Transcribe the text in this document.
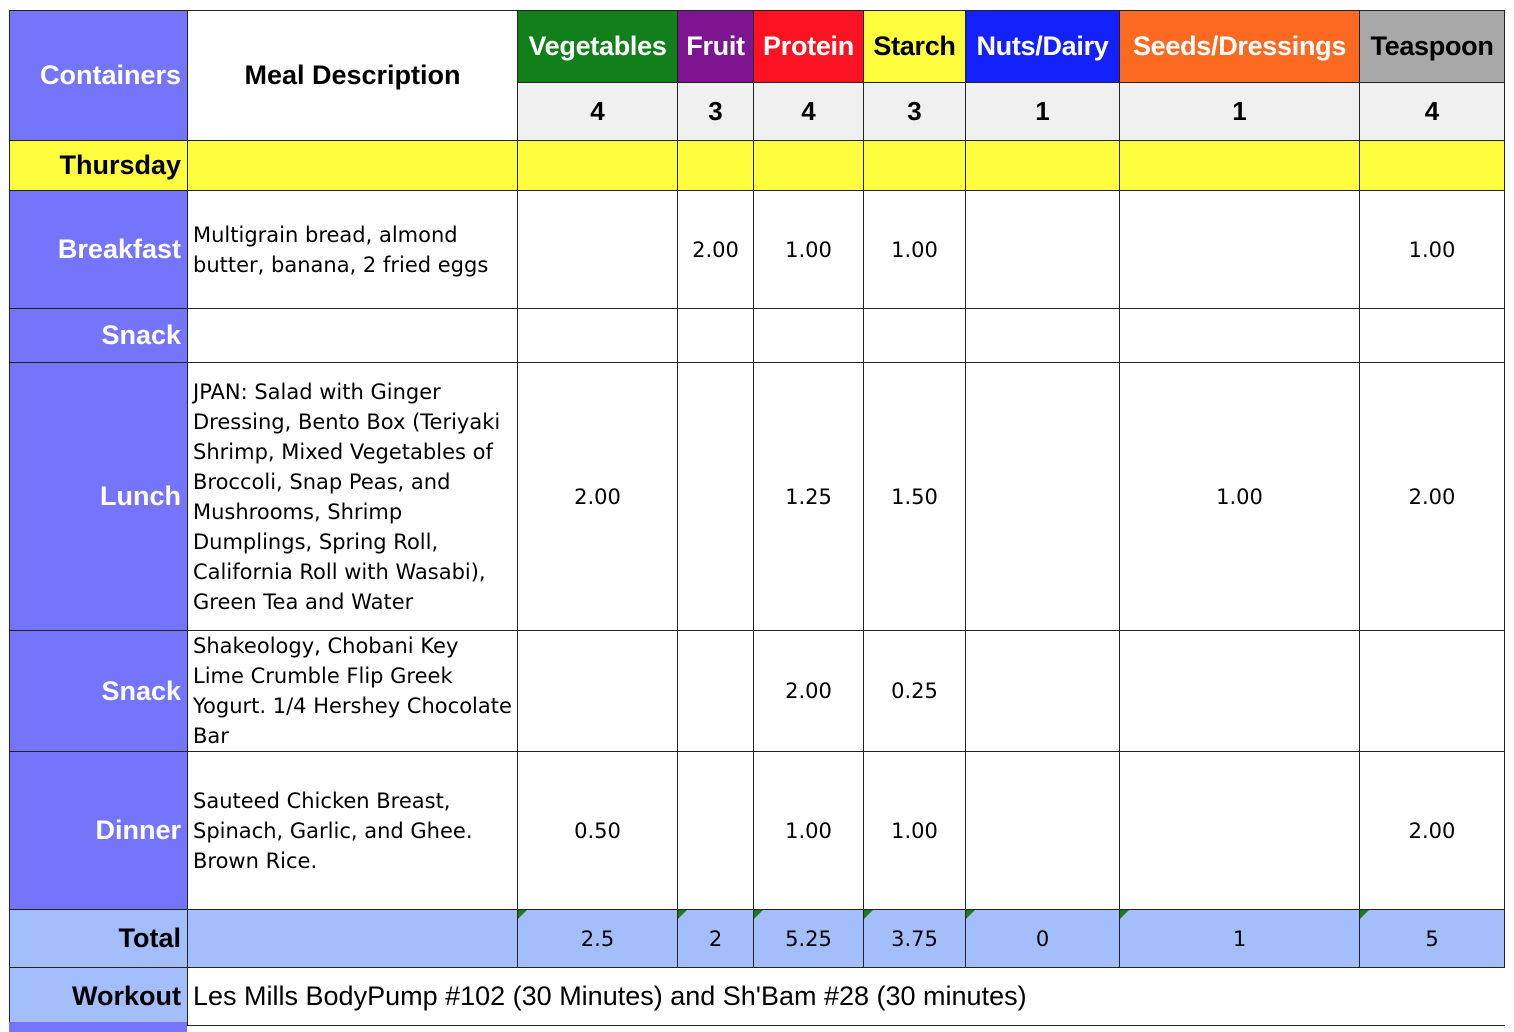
Containers	Meal Description	Vegetables	Fruit	Protein	Starch	Nuts/Dairy	Seeds/Dressings	Teaspoon
		4	3	4	3	1	1	4
Thursday								
Breakfast	Multigrain bread, almond butter, banana, 2 fried eggs		2.00	1.00	1.00			1.00
Snack								
Lunch	JPAN: Salad with Ginger Dressing, Bento Box (Teriyaki Shrimp, Mixed Vegetables of Broccoli, Snap Peas, and Mushrooms, Shrimp Dumplings, Spring Roll, California Roll with Wasabi), Green Tea and Water	2.00		1.25	1.50		1.00	2.00
Snack	Shakeology, Chobani Key Lime Crumble Flip Greek Yogurt. 1/4 Hershey Chocolate Bar			2.00	0.25			
Dinner	Sauteed Chicken Breast, Spinach, Garlic, and Ghee. Brown Rice.	0.50		1.00	1.00			2.00
Total		2.5	2	5.25	3.75	0	1	5
Workout	Les Mills BodyPump #102 (30 Minutes) and Sh'Bam #28 (30 minutes)							
